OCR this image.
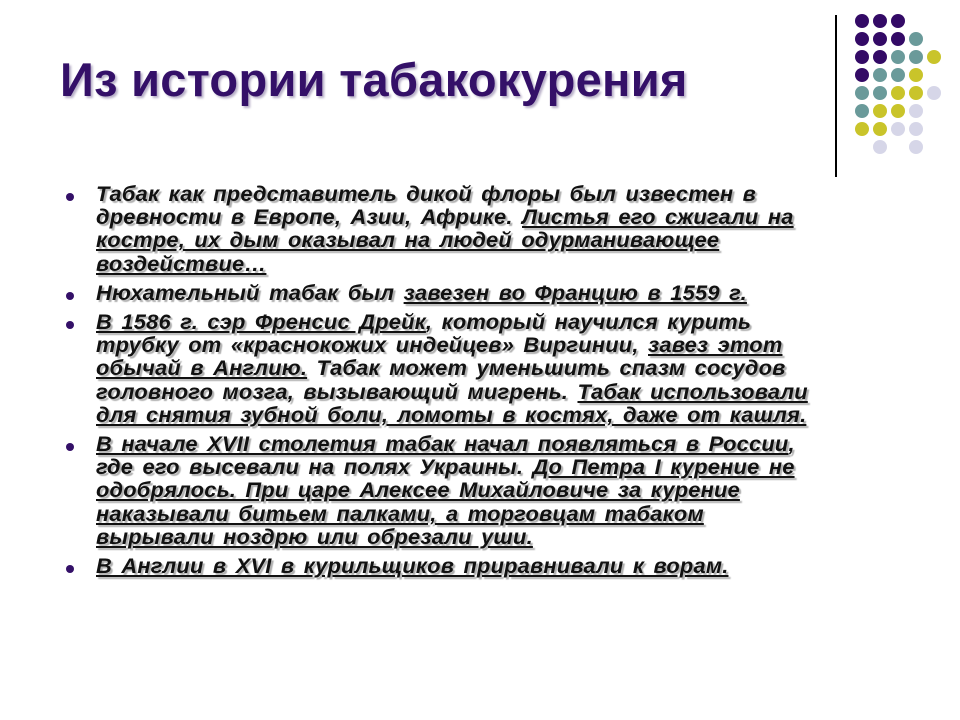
Из истории табакокурения
Табак как представитель дикой флоры был известен в
древности в Европе, Азии, Африке. Листья его сжигали на
костре, их дым оказывал на людей одурманивающее
воздействие…
Нюхательный табак был завезен во Францию в 1559 г.
В 1586 г. сэр Френсис Дрейк, который научился курить
трубку от «краснокожих индейцев» Виргинии, завез этот
обычай в Англию. Табак может уменьшить спазм сосудов
головного мозга, вызывающий мигрень. Табак использовали
для снятия зубной боли, ломоты в костях, даже от кашля.
В начале XVII столетия табак начал появляться в России,
где его высевали на полях Украины. До Петра I курение не
одобрялось. При царе Алексее Михайловиче за курение
наказывали битьем палками, а торговцам табаком
вырывали ноздрю или обрезали уши.
В Англии в XVI в курильщиков приравнивали к ворам.
